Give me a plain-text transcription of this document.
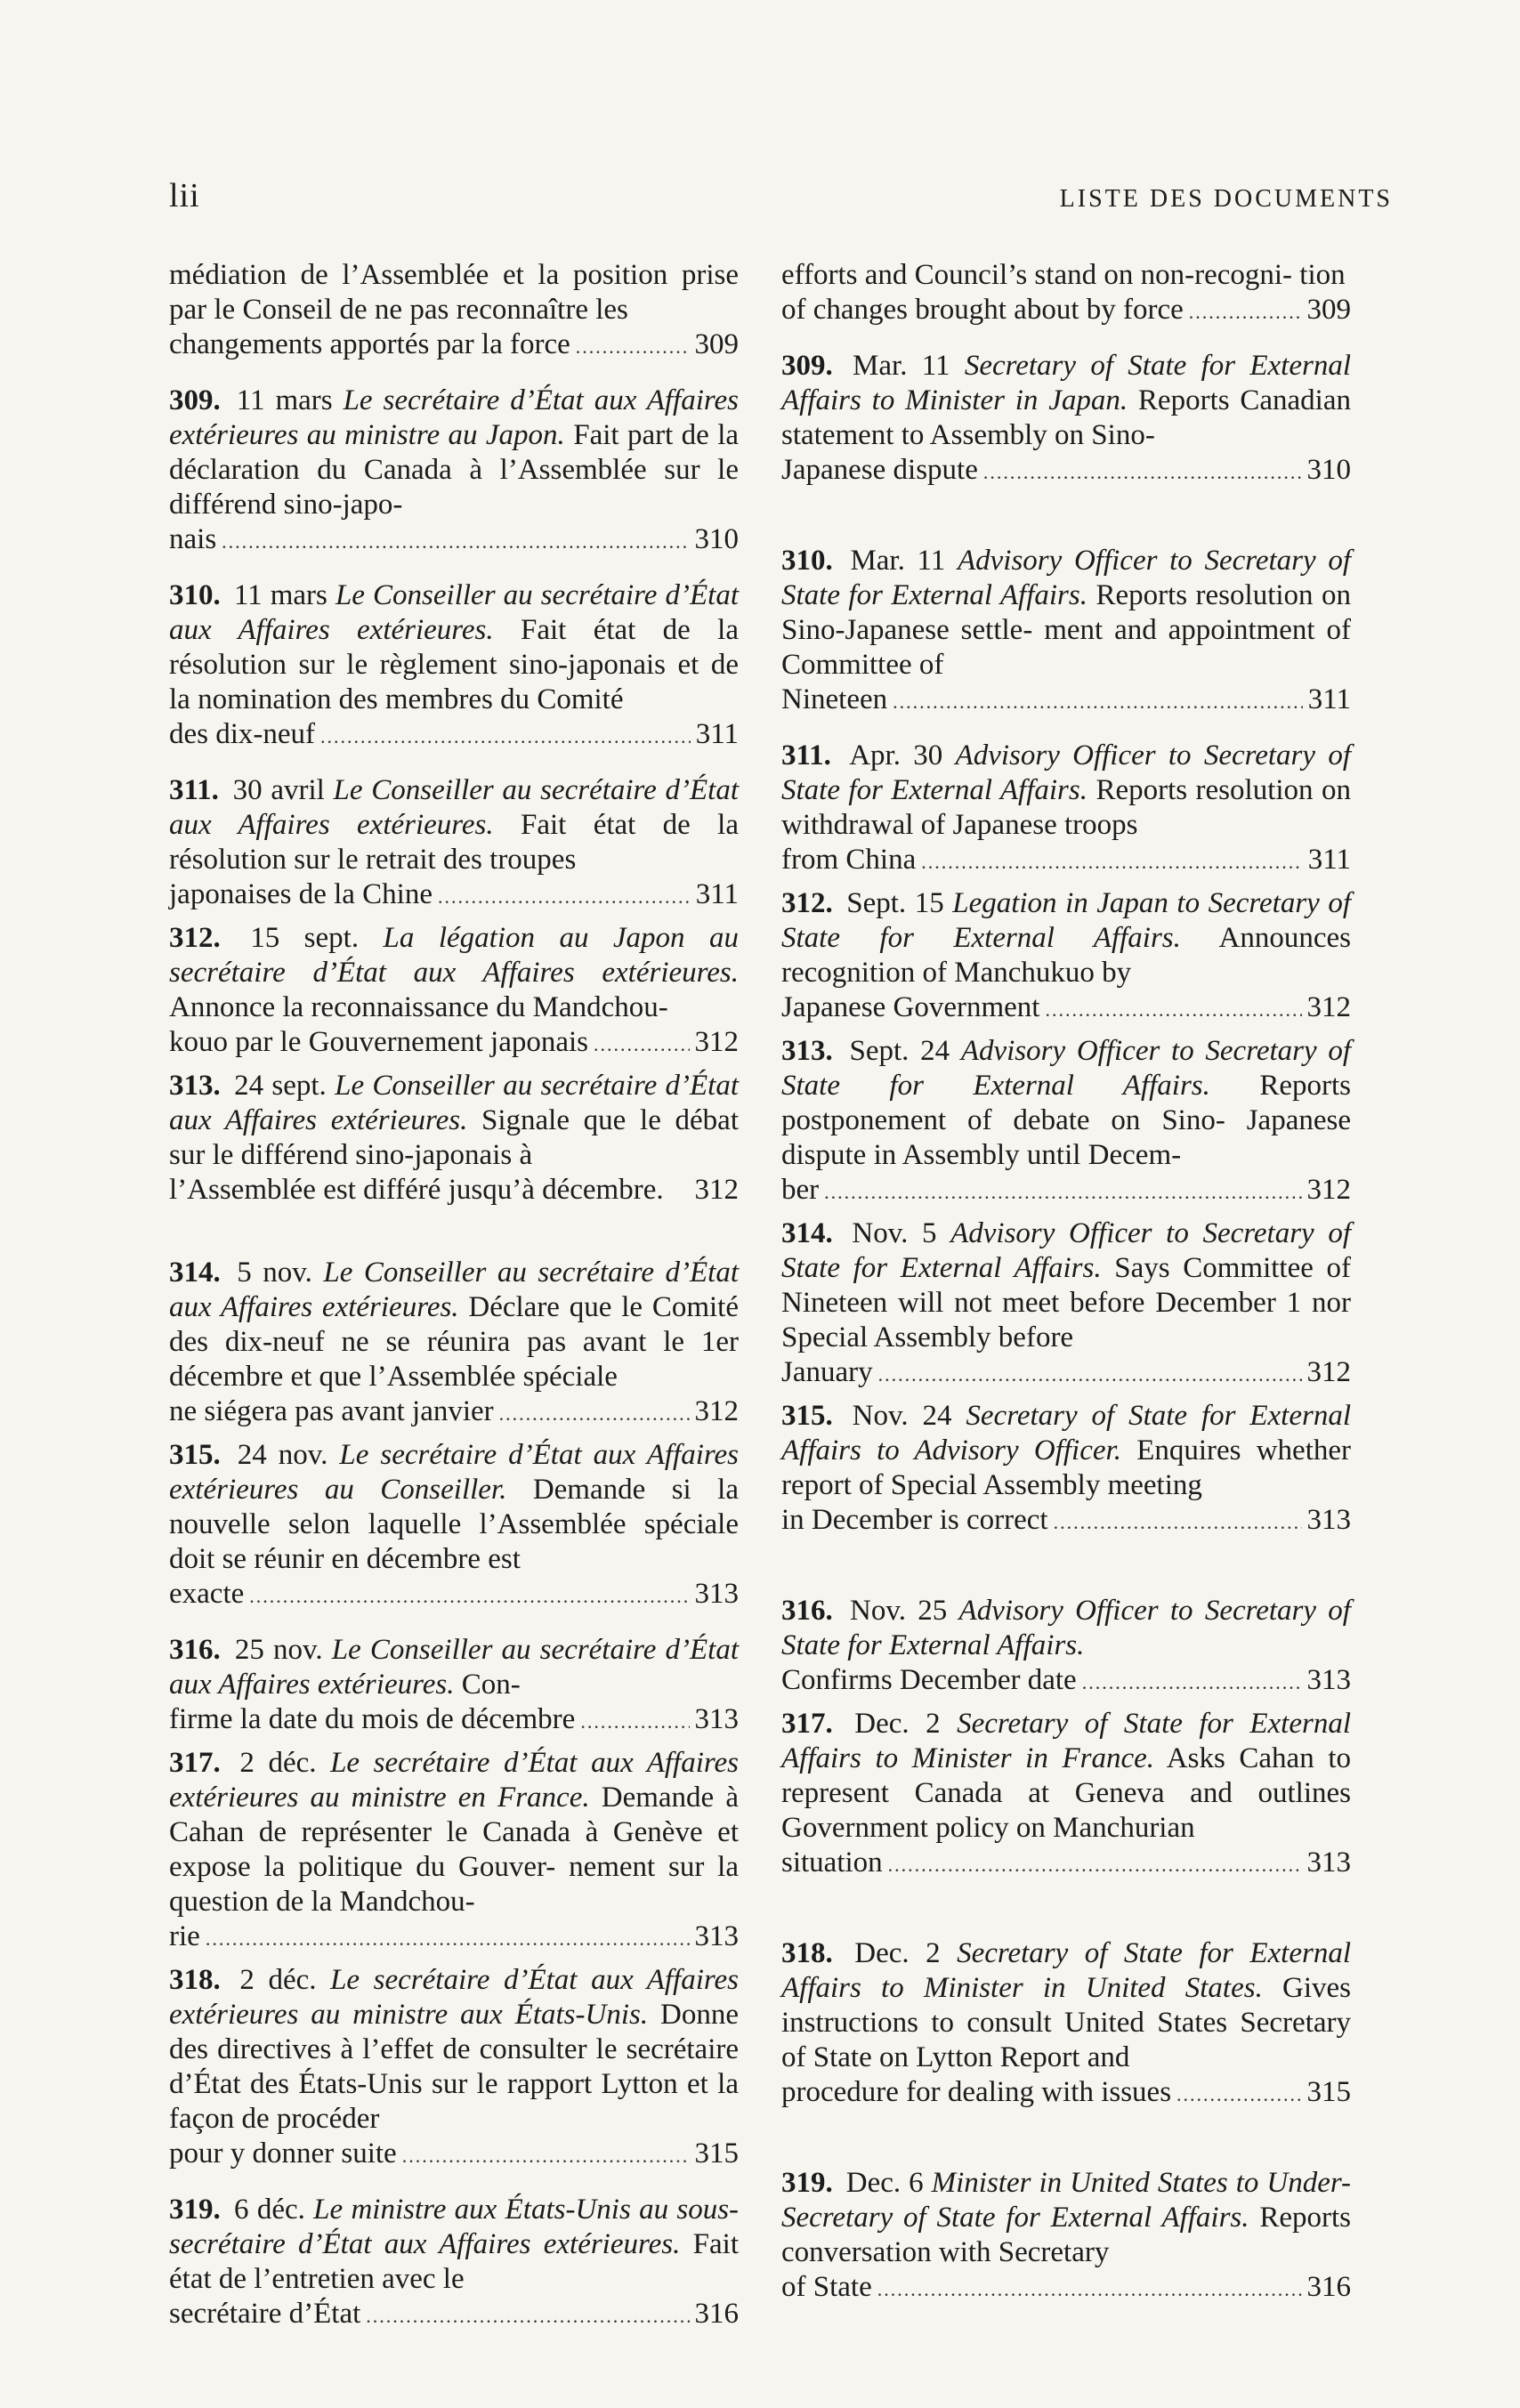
lii	LISTE DES DOCUMENTS
médiation de l’Assemblée et la position prise par le Conseil de ne pas reconnaître les
changements apportés par la force .....	309
309. 11 mars Le secrétaire d’État aux Affaires extérieures au ministre au Japon. Fait part de la déclaration du Canada à l’Assemblée sur le différend sino-japo-
nais .....	310
310. 11 mars Le Conseiller au secrétaire d’État aux Affaires extérieures. Fait état de la résolution sur le règlement sino-japonais et de la nomination des membres du Comité
des dix-neuf .....	311
311. 30 avril Le Conseiller au secrétaire d’État aux Affaires extérieures. Fait état de la résolution sur le retrait des troupes
japonaises de la Chine .....	311
312. 15 sept. La légation au Japon au secrétaire d’État aux Affaires extérieures. Annonce la reconnaissance du Mandchou-
kouo par le Gouvernement japonais .....	312
313. 24 sept. Le Conseiller au secrétaire d’État aux Affaires extérieures. Signale que le débat sur le différend sino-japonais à
l’Assemblée est différé jusqu’à décembre. 312
314. 5 nov. Le Conseiller au secrétaire d’État aux Affaires extérieures. Déclare que le Comité des dix-neuf ne se réunira pas avant le 1er décembre et que l’Assemblée spéciale
ne siégera pas avant janvier .....	312
315. 24 nov. Le secrétaire d’État aux Affaires extérieures au Conseiller. Demande si la nouvelle selon laquelle l’Assemblée spéciale doit se réunir en décembre est
exacte .....	313
316. 25 nov. Le Conseiller au secrétaire d’État aux Affaires extérieures. Con-
firme la date du mois de décembre .....	313
317. 2 déc. Le secrétaire d’État aux Affaires extérieures au ministre en France. Demande à Cahan de représenter le Canada à Genève et expose la politique du Gouver- nement sur la question de la Mandchou-
rie .....	313
318. 2 déc. Le secrétaire d’État aux Affaires extérieures au ministre aux États-Unis. Donne des directives à l’effet de consulter le secrétaire d’État des États-Unis sur le rapport Lytton et la façon de procéder
pour y donner suite .....	315
319. 6 déc. Le ministre aux États-Unis au sous-secrétaire d’État aux Affaires extérieures. Fait état de l’entretien avec le
secrétaire d’État .....	316
efforts and Council’s stand on non-recogni- tion
of changes brought about by force .....	309
309. Mar. 11 Secretary of State for External Affairs to Minister in Japan. Reports Canadian statement to Assembly on Sino-
Japanese dispute .....	310
310. Mar. 11 Advisory Officer to Secretary of State for External Affairs. Reports resolution on Sino-Japanese settle- ment and appointment of Committee of
Nineteen .....	311
311. Apr. 30 Advisory Officer to Secretary of State for External Affairs. Reports resolution on withdrawal of Japanese troops
from China .....	311
312. Sept. 15 Legation in Japan to Secretary of State for External Affairs. Announces recognition of Manchukuo by
Japanese Government .....	312
313. Sept. 24 Advisory Officer to Secretary of State for External Affairs. Reports postponement of debate on Sino- Japanese dispute in Assembly until Decem-
ber .....	312
314. Nov. 5 Advisory Officer to Secretary of State for External Affairs. Says Committee of Nineteen will not meet before December 1 nor Special Assembly before
January .....	312
315. Nov. 24 Secretary of State for External Affairs to Advisory Officer. Enquires whether report of Special Assembly meeting
in December is correct .....	313
316. Nov. 25 Advisory Officer to Secretary of State for External Affairs.
Confirms December date .....	313
317. Dec. 2 Secretary of State for External Affairs to Minister in France. Asks Cahan to represent Canada at Geneva and outlines Government policy on Manchurian
situation .....	313
318. Dec. 2 Secretary of State for External Affairs to Minister in United States. Gives instructions to consult United States Secretary of State on Lytton Report and
procedure for dealing with issues .....	315
319. Dec. 6 Minister in United States to Under-Secretary of State for External Affairs. Reports conversation with Secretary
of State .....	316
